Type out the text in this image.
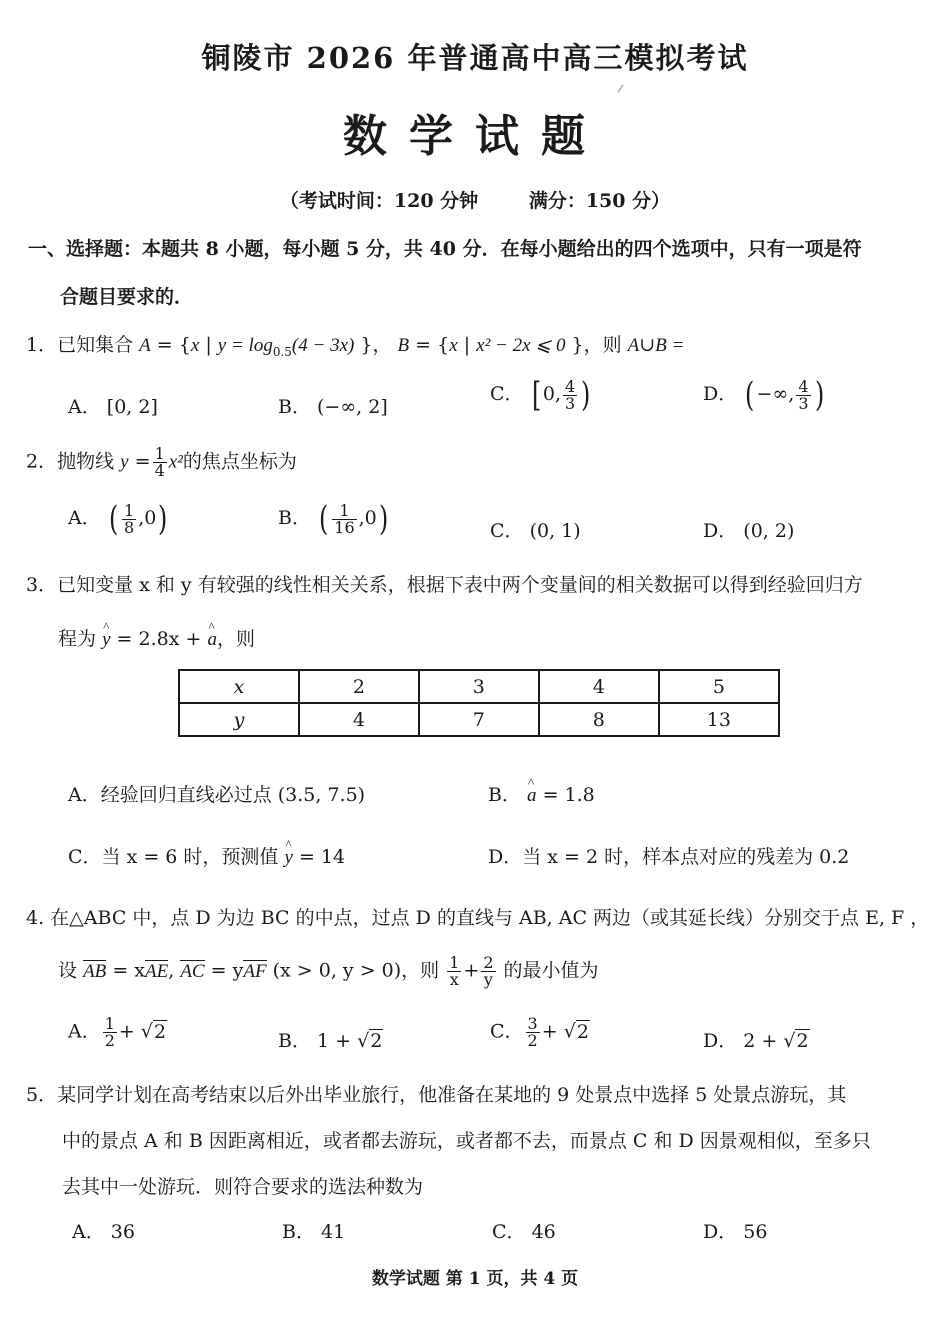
铜陵市 2026 年普通高中高三模拟考试
数学试题
（考试时间：120 分钟	满分：150 分）
一、选择题：本题共 8 小题，每小题 5 分，共 40 分．在每小题给出的四个选项中，只有一项是符
合题目要求的．
1．已知集合 A = {x | $y = \log_{0.5}(4 - 3x)$ }， B = {x | x² − 2x ⩽ 0 }，则 A∪B =
A． [0, 2]	B． (−∞, 2]
C． [ 0, $\frac{4}{3}$ )	D． ( −∞, $\frac{4}{3}$ )
2．抛物线 $y = \frac{1}{4} x^2$的焦点坐标为
A． ( $\frac{1}{8} ,0$)	B． ( $\frac{1}{16} ,0$)	C． (0, 1)	D． (0, 2)
3．已知变量 x 和 y 有较强的线性相关关系，根据下表中两个变量间的相关数据可以得到经验回归方
程为 ^ y = 2.8x + ^ a，则
x	2	3	4	5
y	4	7	8	13
A．经验回归直线必过点 (3.5, 7.5)	B． ^ a = 1.8
C．当 x = 6 时，预测值 ^ y = 14	D．当 x = 2 时，样本点对应的残差为 0.2
4. 在△ABC 中，点 D 为边 BC 的中点，过点 D 的直线与 AB, AC 两边（或其延长线）分别交于点 E, F ，
设 AB = xAE, AC = yAF (x > 0, y > 0)，则 $\frac{1}{x} + \frac{2}{y}$ 的最小值为
A． $\frac{1}{2} + √2$	B． 1 + √2	C． $\frac{3}{2} + √2$	D． 2 + √2
5．某同学计划在高考结束以后外出毕业旅行，他准备在某地的 9 处景点中选择 5 处景点游玩，其
中的景点 A 和 B 因距离相近，或者都去游玩，或者都不去，而景点 C 和 D 因景观相似，至多只
去其中一处游玩．则符合要求的选法种数为
A． 36	B． 41	C． 46	D． 56
数学试题 第 1 页，共 4 页
